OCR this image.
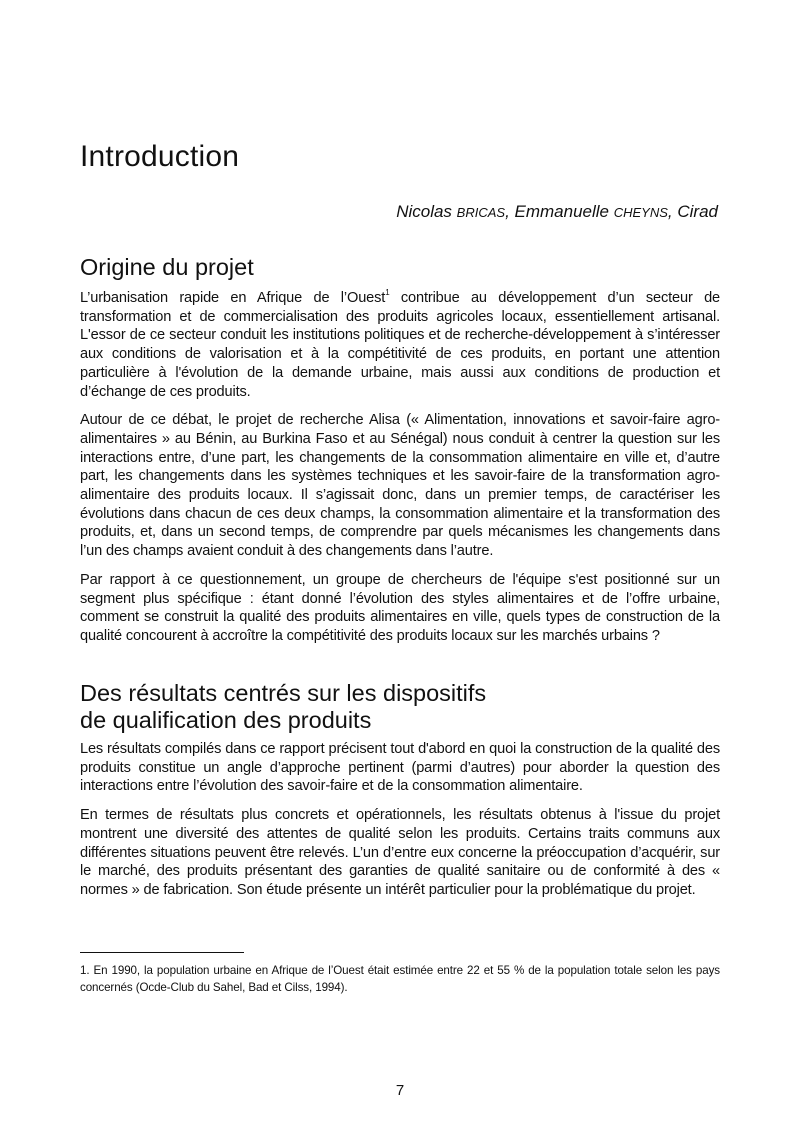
Introduction
Nicolas BRICAS, Emmanuelle CHEYNS, Cirad
Origine du projet

L’urbanisation rapide en Afrique de l’Ouest$^1$ contribue au développement d’un secteur de transformation et de commercialisation des produits agricoles locaux, essentiellement artisanal. L'essor de ce secteur conduit les institutions politiques et de recherche-développement à s’intéresser aux conditions de valorisation et à la compétitivité de ces produits, en portant une attention particulière à l'évolution de la demande urbaine, mais aussi aux conditions de production et d’échange de ces produits.

Autour de ce débat, le projet de recherche Alisa (« Alimentation, innovations et savoir-faire agro-alimentaires » au Bénin, au Burkina Faso et au Sénégal) nous conduit à centrer la question sur les interactions entre, d’une part, les changements de la consommation alimentaire en ville et, d’autre part, les changements dans les systèmes techniques et les savoir-faire de la transformation agro-alimentaire des produits locaux. Il s’agissait donc, dans un premier temps, de caractériser les évolutions dans chacun de ces deux champs, la consommation alimentaire et la transformation des produits, et, dans un second temps, de comprendre par quels mécanismes les changements dans l’un des champs avaient conduit à des changements dans l’autre.

Par rapport à ce questionnement, un groupe de chercheurs de l'équipe s'est positionné sur un segment plus spécifique : étant donné l’évolution des styles alimentaires et de l’offre urbaine, comment se construit la qualité des produits alimentaires en ville, quels types de construction de la qualité concourent à accroître la compétitivité des produits locaux sur les marchés urbains ?

Des résultats centrés sur les dispositifs
de qualification des produits

Les résultats compilés dans ce rapport précisent tout d'abord en quoi la construction de la qualité des produits constitue un angle d’approche pertinent (parmi d’autres) pour aborder la question des interactions entre l’évolution des savoir-faire et de la consommation alimentaire.

En termes de résultats plus concrets et opérationnels, les résultats obtenus à l'issue du projet montrent une diversité des attentes de qualité selon les produits. Certains traits communs aux différentes situations peuvent être relevés. L’un d’entre eux concerne la préoccupation d’acquérir, sur le marché, des produits présentant des garanties de qualité sanitaire ou de conformité à des « normes » de fabrication. Son étude présente un intérêt particulier pour la problématique du projet.

1. En 1990, la population urbaine en Afrique de l’Ouest était estimée entre 22 et 55 % de la population totale selon les pays concernés (Ocde-Club du Sahel, Bad et Cilss, 1994).
7
